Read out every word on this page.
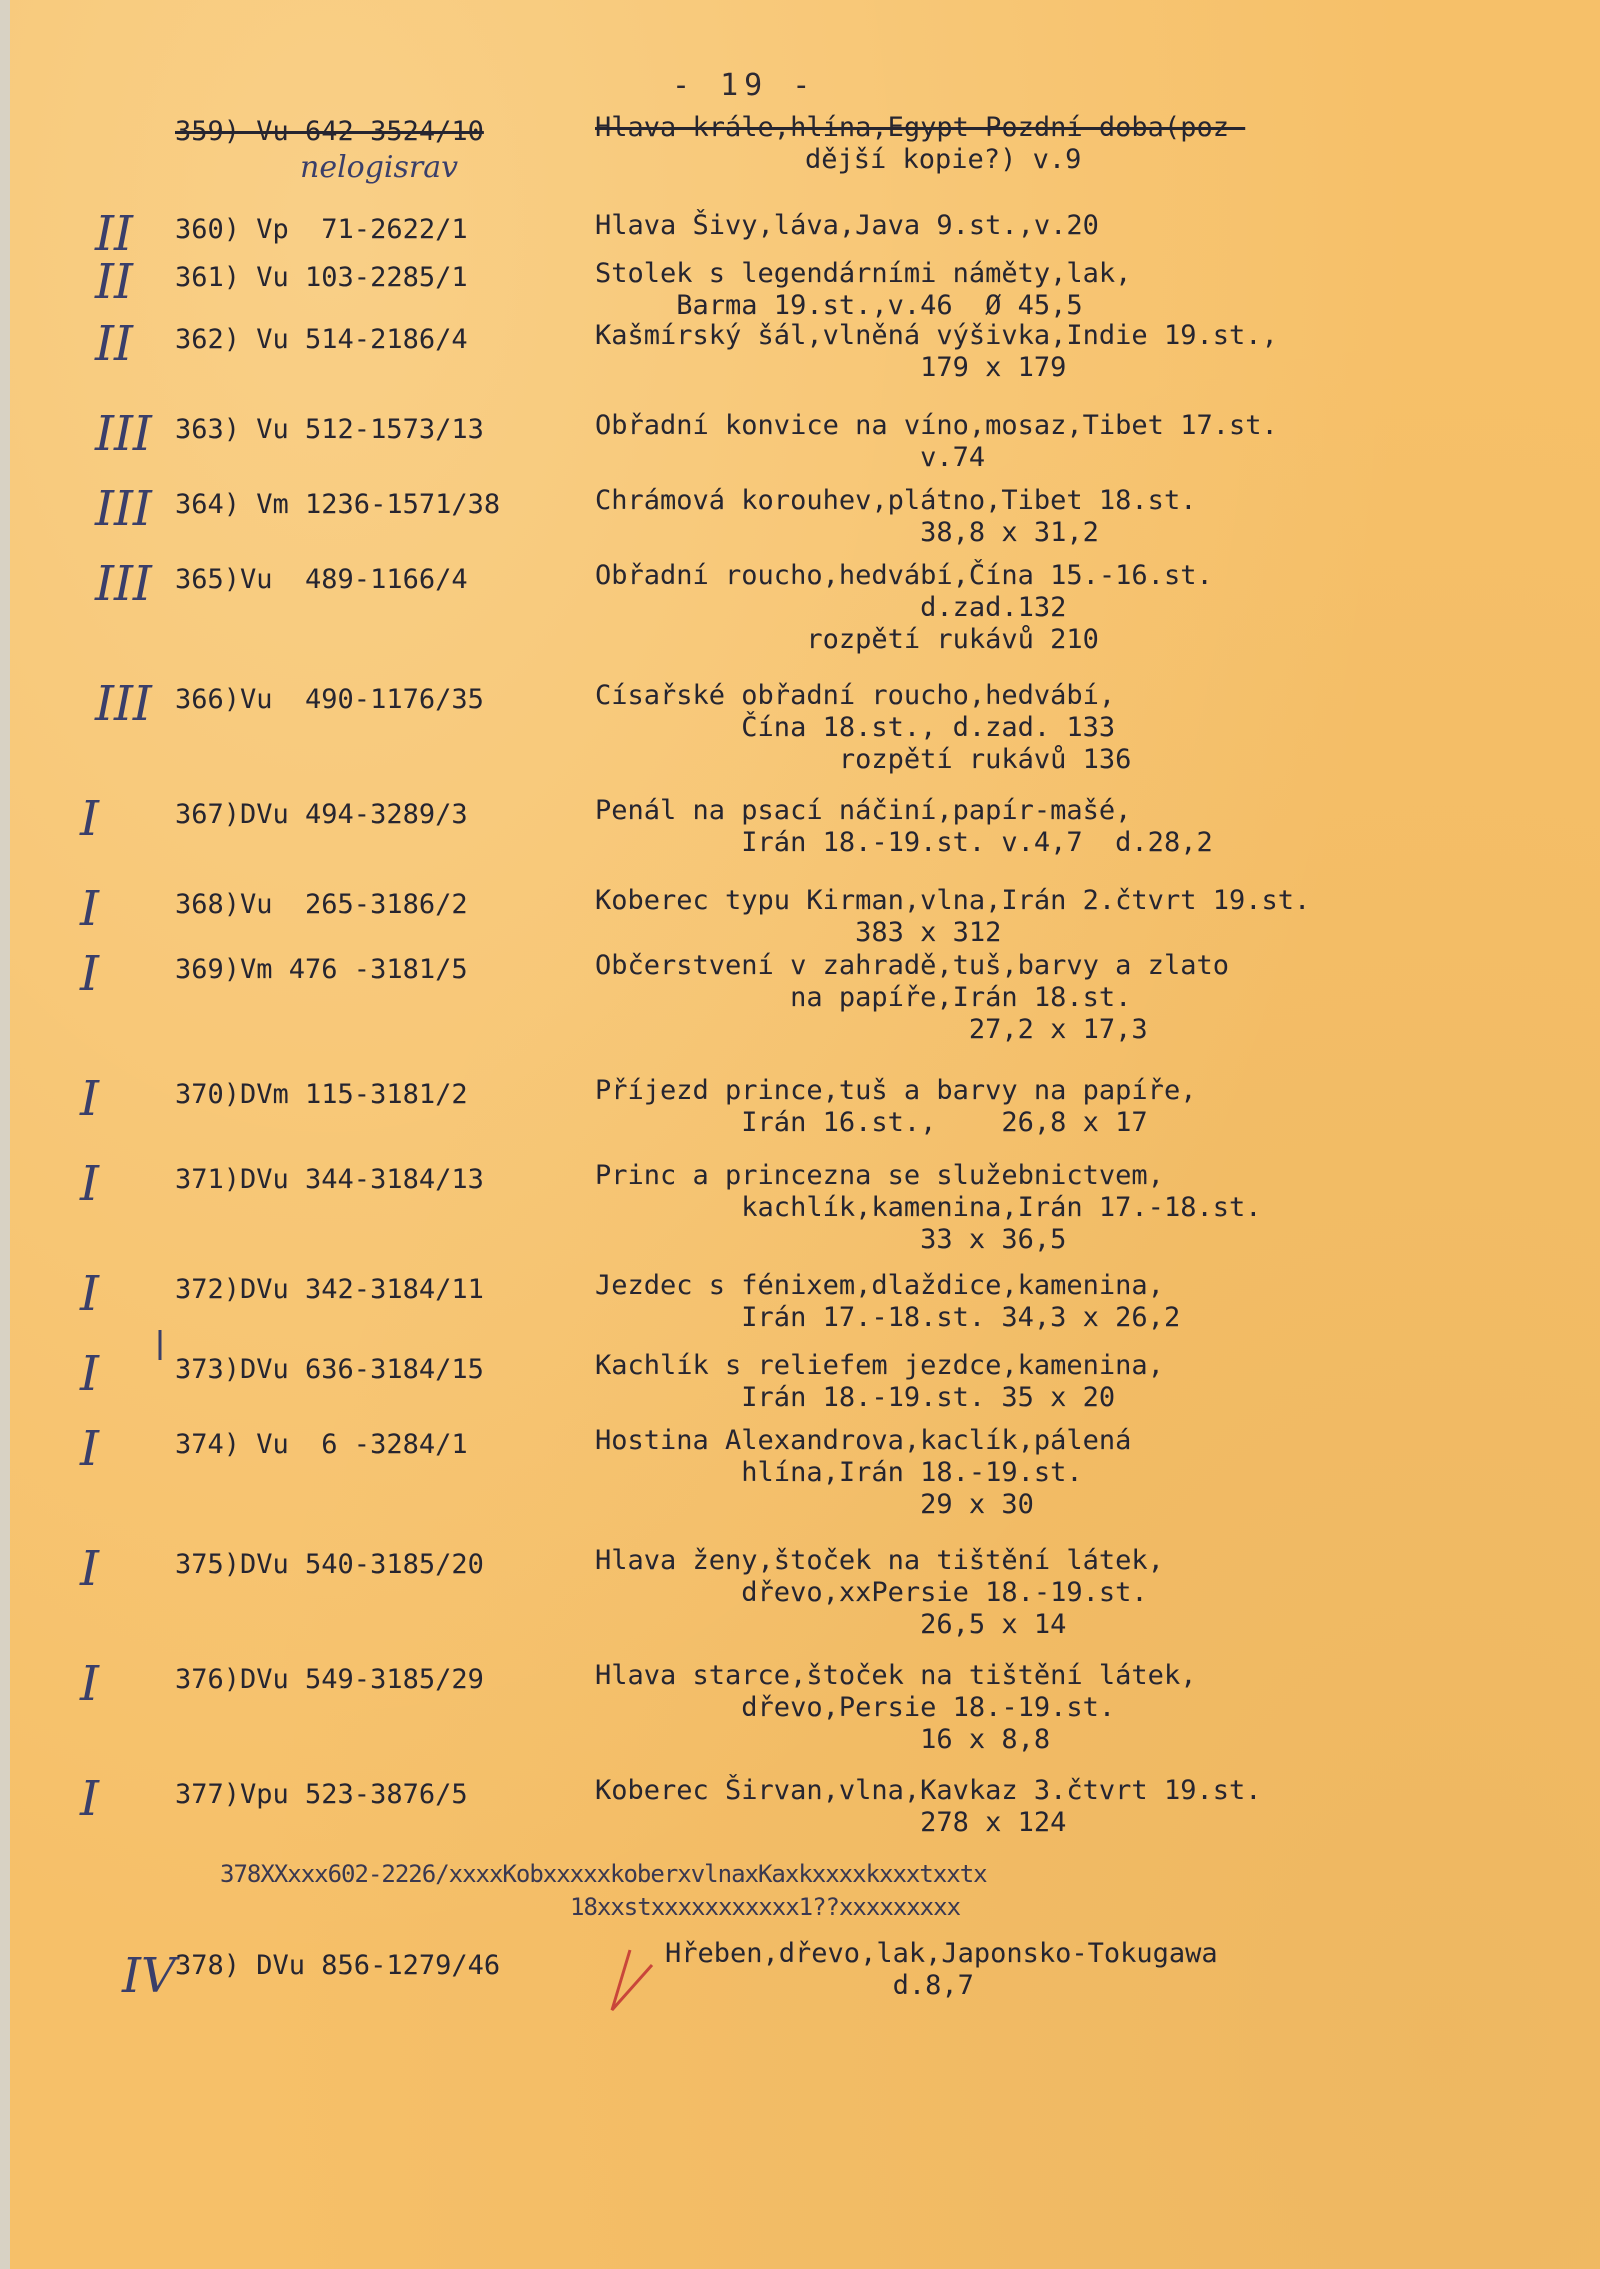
- 19 -
359) Vu 642-3524/10	Hlava krále,hlína,Egypt-Pozdní doba(poz-
dější kopie?) v.9
nelogisrav
II 360) Vp  71-2622/1	Hlava Šivy,láva,Java 9.st.,v.20
II 361) Vu 103-2285/1	Stolek s legendárními náměty,lak,
Barma 19.st.,v.46  Ø 45,5
II 362) Vu 514-2186/4	Kašmírský šál,vlněná výšivka,Indie 19.st.,
179 x 179
III 363) Vu 512-1573/13	Obřadní konvice na víno,mosaz,Tibet 17.st.
v.74
III 364) Vm 1236-1571/38	Chrámová korouhev,plátno,Tibet 18.st.
38,8 x 31,2
III 365)Vu  489-1166/4	Obřadní roucho,hedvábí,Čína 15.-16.st.
d.zad.132
rozpětí rukávů 210
III 366)Vu  490-1176/35	Císařské obřadní roucho,hedvábí,
Čína 18.st., d.zad. 133
rozpětí rukávů 136
I	367)DVu 494-3289/3	Penál na psací náčiní,papír-mašé,
Irán 18.-19.st. v.4,7  d.28,2
I	368)Vu  265-3186/2	Koberec typu Kirman,vlna,Irán 2.čtvrt 19.st.
383 x 312
I	369)Vm 476 -3181/5	Občerstvení v zahradě,tuš,barvy a zlato
na papíře,Irán 18.st.
27,2 x 17,3
I	370)DVm 115-3181/2	Příjezd prince,tuš a barvy na papíře,
Irán 16.st.,    26,8 x 17
I	371)DVu 344-3184/13	Princ a princezna se služebnictvem,
kachlík,kamenina,Irán 17.-18.st.
33 x 36,5
I	372)DVu 342-3184/11	Jezdec s fénixem,dlaždice,kamenina,
Irán 17.-18.st. 34,3 x 26,2
I	373)DVu 636-3184/15	Kachlík s reliefem jezdce,kamenina,
Irán 18.-19.st. 35 x 20
I	374) Vu  6 -3284/1	Hostina Alexandrova,kaclík,pálená
hlína,Irán 18.-19.st.
29 x 30
I	375)DVu 540-3185/20	Hlava ženy,štoček na tištění látek,
dřevo,xxPersie 18.-19.st.
26,5 x 14
I	376)DVu 549-3185/29	Hlava starce,štoček na tištění látek,
dřevo,Persie 18.-19.st.
16 x 8,8
I	377)Vpu 523-3876/5	Koberec Širvan,vlna,Kavkaz 3.čtvrt 19.st.
278 x 124
378XXxxx602-2226/xxxxKobxxxxxkoberxvlnaxKaxkxxxxkxxxtxxtx
18xxstxxxxxxxxxxx1??xxxxxxxxx
IV 378) DVu 856-1279/46	Hřeben,dřevo,lak,Japonsko-Tokugawa
d.8,7
